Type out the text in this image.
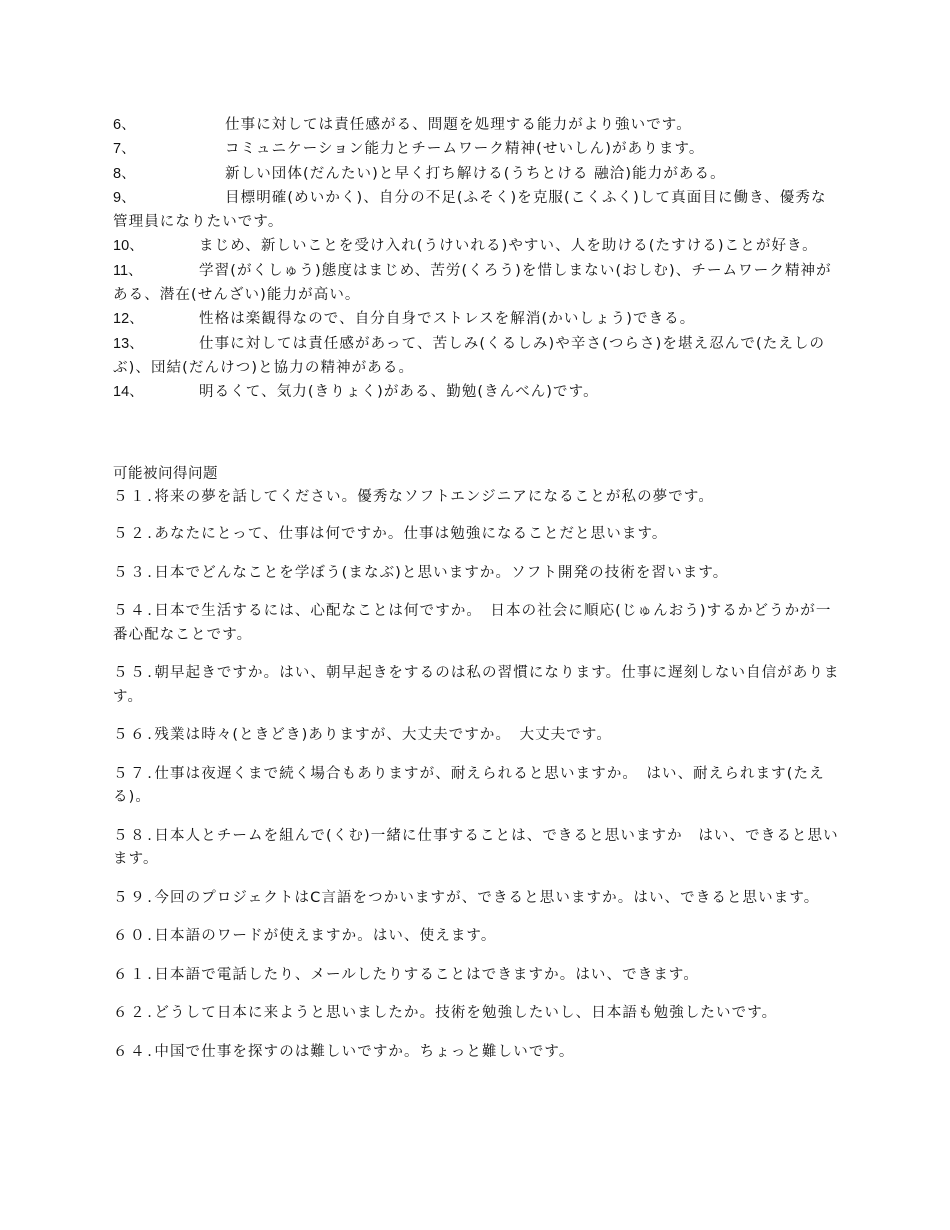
6、	仕事に対しては責任感がる、問題を処理する能力がより強いです。

7、	コミュニケーション能力とチームワーク精神(せいしん)があります。

8、	新しい団体(だんたい)と早く打ち解ける(うちとける 融洽)能力がある。

9、	目標明確(めいかく)、自分の不足(ふそく)を克服(こくふく)して真面目に働き、優秀な管理員になりたいです。

10、	まじめ、新しいことを受け入れ(うけいれる)やすい、人を助ける(たすける)ことが好き。

11、	学習(がくしゅう)態度はまじめ、苦労(くろう)を惜しまない(おしむ)、チームワーク精神がある、潜在(せんざい)能力が高い。

12、	性格は楽観得なので、自分自身でストレスを解消(かいしょう)できる。

13、	仕事に対しては責任感があって、苦しみ(くるしみ)や辛さ(つらさ)を堪え忍んで(たえしのぶ)、団結(だんけつ)と協力の精神がある。

14、	明るくて、気力(きりょく)がある、勤勉(きんべん)です。

可能被问得问题

５１.将来の夢を話してください。優秀なソフトエンジニアになることが私の夢です。

５２.あなたにとって、仕事は何ですか。仕事は勉強になることだと思います。

５３.日本でどんなことを学ぼう(まなぶ)と思いますか。ソフト開発の技術を習います。

５４.日本で生活するには、心配なことは何ですか。　日本の社会に順応(じゅんおう)するかどうかが一番心配なことです。

５５.朝早起きですか。はい、朝早起きをするのは私の習慣になります。仕事に遅刻しない自信があります。

５６.残業は時々(ときどき)ありますが、大丈夫ですか。　大丈夫です。

５７.仕事は夜遅くまで続く場合もありますが、耐えられると思いますか。　はい、耐えられます(たえる)。

５８.日本人とチームを組んで(くむ)一緒に仕事することは、できると思いますか　はい、できると思います。

５９.今回のプロジェクトはC言語をつかいますが、できると思いますか。はい、できると思います。

６０.日本語のワードが使えますか。はい、使えます。

６１.日本語で電話したり、メールしたりすることはできますか。はい、できます。

６２.どうして日本に来ようと思いましたか。技術を勉強したいし、日本語も勉強したいです。

６４.中国で仕事を探すのは難しいですか。ちょっと難しいです。
